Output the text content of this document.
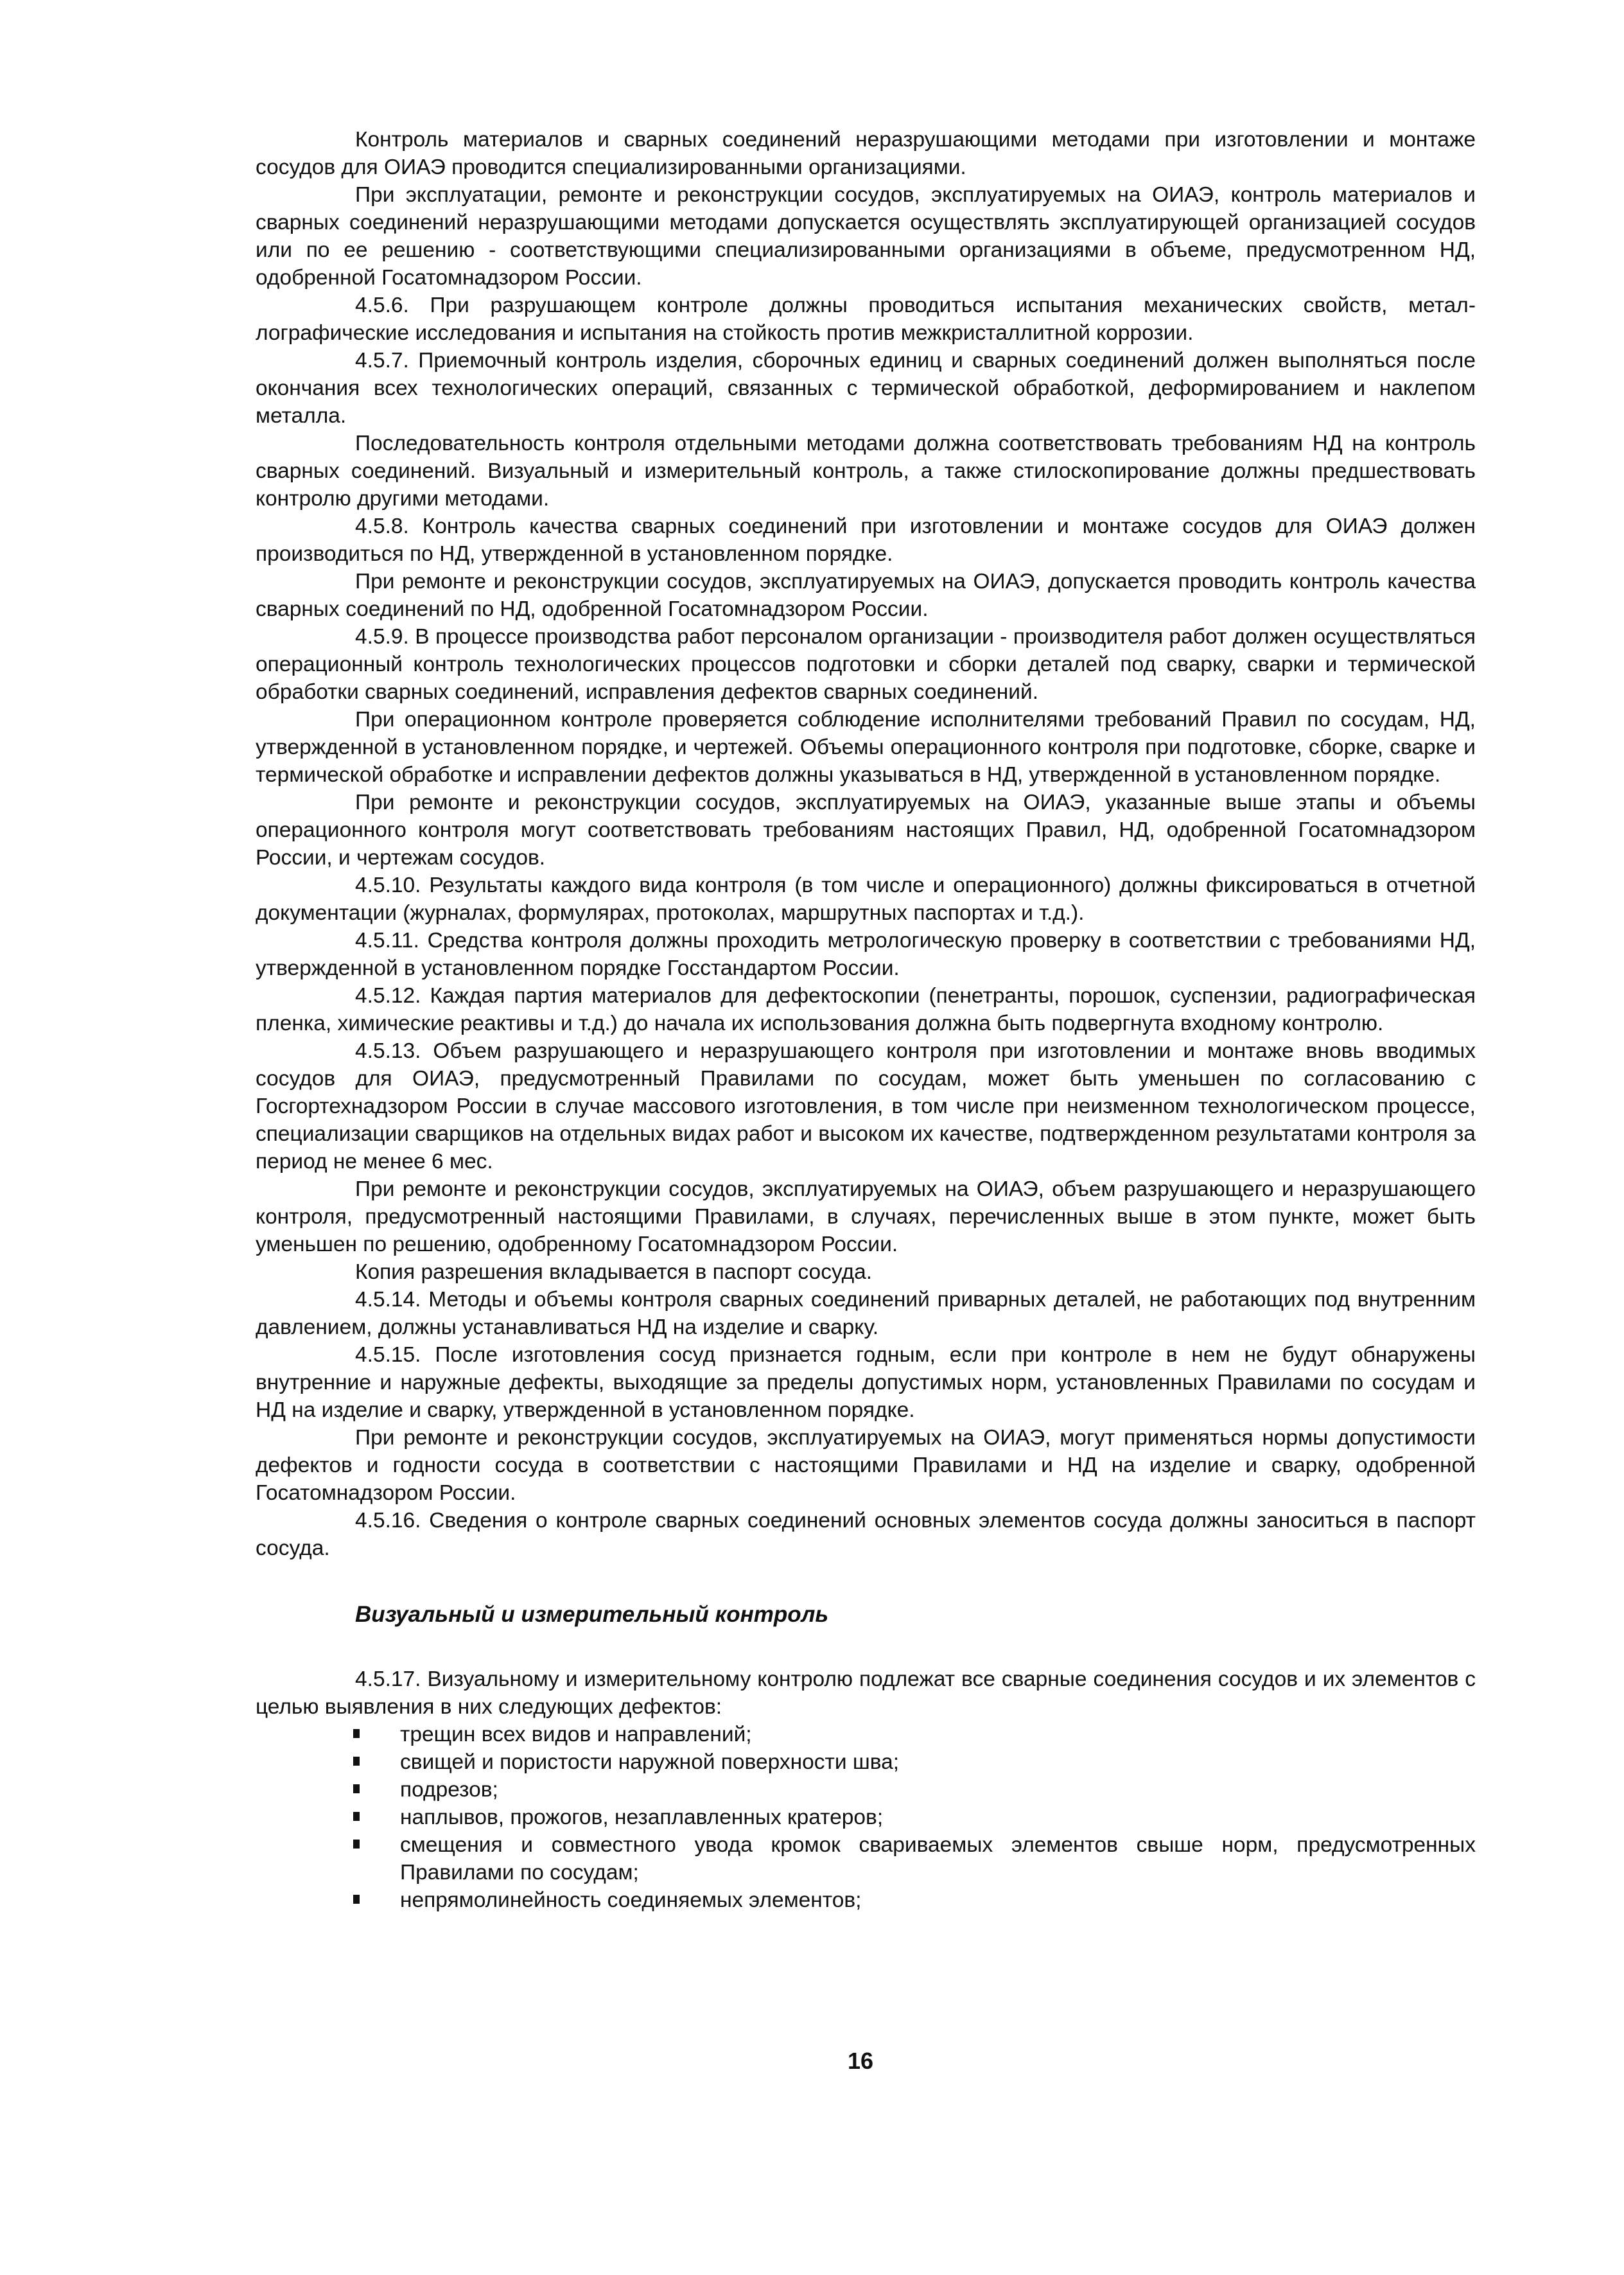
Контроль материалов и сварных соединений неразрушающими методами при изготовлении и монтаже сосудов для ОИАЭ проводится специализированными организациями.

При эксплуатации, ремонте и реконструкции сосудов, эксплуатируемых на ОИАЭ, контроль материалов и сварных соединений неразрушающими методами допускается осуществлять эксплуатирующей организацией сосудов или по ее решению - соответствующими специализированными организациями в объеме, предусмотренном НД, одобренной Госатомнадзором России.

4.5.6. При разрушающем контроле должны проводиться испытания механических свойств, металлографические исследования и испытания на стойкость против межкристаллитной коррозии.

4.5.7. Приемочный контроль изделия, сборочных единиц и сварных соединений должен выполняться после окончания всех технологических операций, связанных с термической обработкой, деформированием и наклепом металла.

Последовательность контроля отдельными методами должна соответствовать требованиям НД на контроль сварных соединений. Визуальный и измерительный контроль, а также стилоскопирование должны предшествовать контролю другими методами.

4.5.8. Контроль качества сварных соединений при изготовлении и монтаже сосудов для ОИАЭ должен производиться по НД, утвержденной в установленном порядке.

При ремонте и реконструкции сосудов, эксплуатируемых на ОИАЭ, допускается проводить контроль качества сварных соединений по НД, одобренной Госатомнадзором России.

4.5.9. В процессе производства работ персоналом организации - производителя работ должен осуществляться операционный контроль технологических процессов подготовки и сборки деталей под сварку, сварки и термической обработки сварных соединений, исправления дефектов сварных соединений.

При операционном контроле проверяется соблюдение исполнителями требований Правил по сосудам, НД, утвержденной в установленном порядке, и чертежей. Объемы операционного контроля при подготовке, сборке, сварке и термической обработке и исправлении дефектов должны указываться в НД, утвержденной в установленном порядке.

При ремонте и реконструкции сосудов, эксплуатируемых на ОИАЭ, указанные выше этапы и объемы операционного контроля могут соответствовать требованиям настоящих Правил, НД, одобренной Госатомнадзором России, и чертежам сосудов.

4.5.10. Результаты каждого вида контроля (в том числе и операционного) должны фиксироваться в отчетной документации (журналах, формулярах, протоколах, маршрутных паспортах и т.д.).

4.5.11. Средства контроля должны проходить метрологическую проверку в соответствии с требованиями НД, утвержденной в установленном порядке Госстандартом России.

4.5.12. Каждая партия материалов для дефектоскопии (пенетранты, порошок, суспензии, радиографическая пленка, химические реактивы и т.д.) до начала их использования должна быть подвергнута входному контролю.

4.5.13. Объем разрушающего и неразрушающего контроля при изготовлении и монтаже вновь вводимых сосудов для ОИАЭ, предусмотренный Правилами по сосудам, может быть уменьшен по согласованию с Госгортехнадзором России в случае массового изготовления, в том числе при неизменном технологическом процессе, специализации сварщиков на отдельных видах работ и высоком их качестве, подтвержденном результатами контроля за период не менее 6 мес.

При ремонте и реконструкции сосудов, эксплуатируемых на ОИАЭ, объем разрушающего и неразрушающего контроля, предусмотренный настоящими Правилами, в случаях, перечисленных выше в этом пункте, может быть уменьшен по решению, одобренному Госатомнадзором России.

Копия разрешения вкладывается в паспорт сосуда.

4.5.14. Методы и объемы контроля сварных соединений приварных деталей, не работающих под внутренним давлением, должны устанавливаться НД на изделие и сварку.

4.5.15. После изготовления сосуд признается годным, если при контроле в нем не будут обнаружены внутренние и наружные дефекты, выходящие за пределы допустимых норм, установленных Правилами по сосудам и НД на изделие и сварку, утвержденной в установленном порядке.

При ремонте и реконструкции сосудов, эксплуатируемых на ОИАЭ, могут применяться нормы допустимости дефектов и годности сосуда в соответствии с настоящими Правилами и НД на изделие и сварку, одобренной Госатомнадзором России.

4.5.16. Сведения о контроле сварных соединений основных элементов сосуда должны заноситься в паспорт сосуда.

Визуальный и измерительный контроль

4.5.17. Визуальному и измерительному контролю подлежат все сварные соединения сосудов и их элементов с целью выявления в них следующих дефектов:

трещин всех видов и направлений;
свищей и пористости наружной поверхности шва;
подрезов;
наплывов, прожогов, незаплавленных кратеров;
смещения и совместного увода кромок свариваемых элементов свыше норм, предусмотренных Правилами по сосудам;
непрямолинейность соединяемых элементов;
16
